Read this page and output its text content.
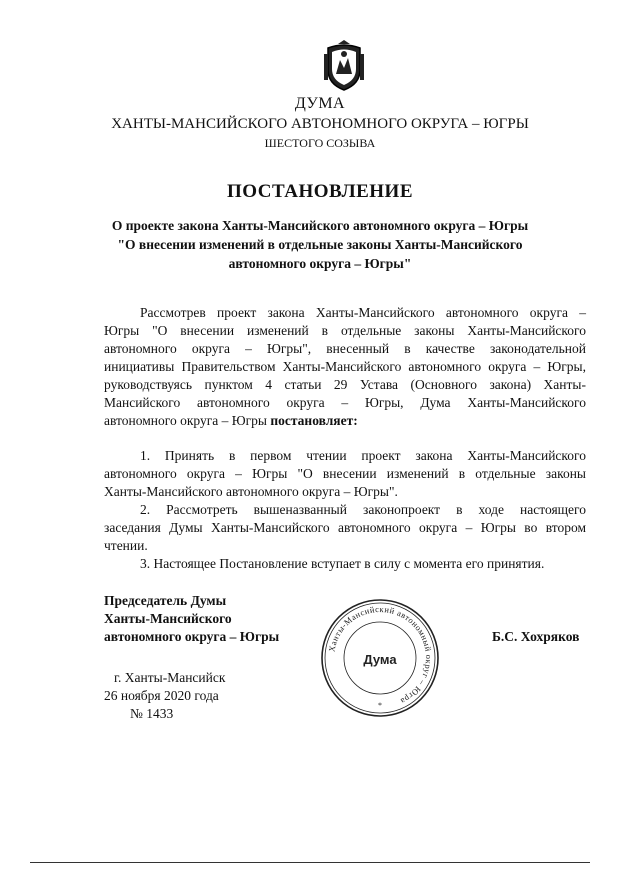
ДУМА
ХАНТЫ-МАНСИЙСКОГО АВТОНОМНОГО ОКРУГА – ЮГРЫ
ШЕСТОГО СОЗЫВА
ПОСТАНОВЛЕНИЕ
О проекте закона Ханты-Мансийского автономного округа – Югры
"О внесении изменений в отдельные законы Ханты-Мансийского
автономного округа – Югры"
Рассмотрев проект закона Ханты-Мансийского автономного округа –
Югры "О внесении изменений в отдельные законы Ханты-Мансийского
автономного округа – Югры", внесенный в качестве законодательной
инициативы Правительством Ханты-Мансийского автономного округа – Югры,
руководствуясь пунктом 4 статьи 29 Устава (Основного закона) Ханты-
Мансийского автономного округа – Югры, Дума Ханты-Мансийского
автономного округа – Югры постановляет:
1. Принять в первом чтении проект закона Ханты-Мансийского
автономного округа – Югры "О внесении изменений в отдельные законы
Ханты-Мансийского автономного округа – Югры".
2. Рассмотреть вышеназванный законопроект в ходе настоящего
заседания Думы Ханты-Мансийского автономного округа – Югры во втором
чтении.
3. Настоящее Постановление вступает в силу с момента его принятия.
Председатель Думы
Ханты-Мансийского
автономного округа – Югры	Б.С. Хохряков
Ханты-Мансийский автономный округ – Югра
Дума
*
г. Ханты-Мансийск
26 ноября 2020 года
№ 1433
